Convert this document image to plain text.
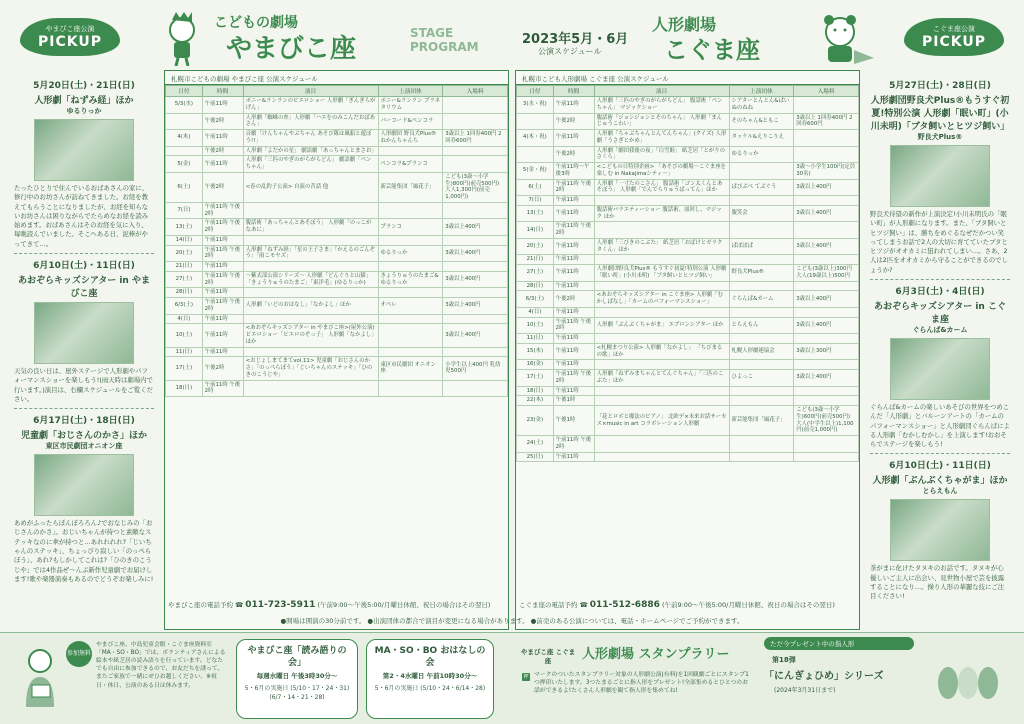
やまびこ座公演
PICKUP
こぐま座公演
PICKUP
こどもの劇場
やまびこ座
STAGE PROGRAM
2023年5月・6月
公演スケジュール
人形劇場
こぐま座
5月20日(土)・21日(日)
人形劇「ねずみ経」ほか
ゆるりっか

たったひとりで住んでいるおばあさんの家に、修行中のお坊さんが訪ねてきました。お経を教えてもらうことになりましたが、お経を知らないお坊さんは困りながらでたらめなお経を読み始めます。おばあさんはそのお経を気に入り、毎晩読んでいました。そこへある日、泥棒がやってきて…。

6月10日(土)・11日(日)
あおぞらキッズシアター in やまびこ座

天気の良い日は、屋外ステージで人形劇やパフォーマンスショーを楽しもう!(雨天時は劇場内で行います。)演目は、右欄スケジュールをご覧ください。

6月17日(土)・18日(日)
児童劇「おじさんのかさ」ほか
東区市民劇団オニオン座

あめがふったらぽんぽろろん♪でおなじみの「おじさんのかさ」。おじいちゃんが持つと素敵なステッキなのに傘が持つと…あれれれれ?「じいちゃんのステッキ」、ちょっぴり寂しい「のっぺらぼう」、あれ?もしかしてこれは?「ひのきのこうじや」では4作品ぜ〜んぶ新作児童劇でお届けします!歌や楽器演奏もあるのでどうぞお楽しみに!

5月27日(土)・28日(日)
人形劇団野良犬Plus®もうすぐ初夏!特別公演 人形劇「眠い町」(小川未明)「ブタ飼いとヒツジ飼い」
野良犬Plus®

野良犬待望の新作が上演決定!小川未明氏の「眠い町」が人形劇になります。また、「ブタ飼いとヒツジ飼い」は、勝ちをめぐるなぜだかつい笑ってしまうお話で2人の大切に育てていたブタとヒツジがオオカミに狙われてしまい…。さあ、2人は2匹をオオカミから守ることができるのでしょうか?

6月3日(土)・4日(日)
あおぞらキッズシアター in こぐま座
ぐらんぱ&カーム

ぐらんぱ&カームの楽しいあそびの世界をつめこんだ「人形劇」とバルーンアートの「カームのパフォーマンスショー」と人形劇団ぐらんぱによる人形劇「むかしむかし」を上演します!おおそらでステージを楽しもう!

6月10日(土)・11日(日)
人形劇「ぶんぶくちゃがま」ほか
とらえもん

茶がまに化けたタヌキのお話です。タヌキが心優しいご主人に出会い、見世物小屋で芸を披露することになり…。操り人形の華麗な技にご注目ください!

札幌市こどもの劇場 やまびこ座 公演スケジュール
日付	時間	演目	上演団体	入場料
5/3(水)	午前11時	ポニー&ランランのピエロショー 人形劇「ぎんぎらがげん」	ポニー&ランラン プラネタリウム	
	午後2時	人形劇「蜘蛛の糸」人形劇「ハエをのみこんだおばあさん」	パーコード&ペンコラ	
4(木)	午前11時	音劇「けんちゃんやぶちゃん あそび隊は風船と遊ぼう!!」	人形劇団 野良犬Plus® ねかんちゃんち	3歳以上 1回券400円 2回券600円
	午後2時	人形劇「よだかの星」 劇語劇「あっちゃんとまさお」		
5(金)	午前11時	人形劇「三匹のやぎのがらがらどん」 劇語劇「ペンちゃん」	ペンコラ&プランコ	
6(土)	午後2時	<春の乱釣子公演> 自演の昔話 他	新芸能集団「風花子」	こども(3歳〜小学生)800円(前売500円) 大人1,300円(前売1,000円)
7(日)	午前11時 午後2時			
13(土)	午前11時 午後2時	腹話術「あっちゃんとあそぼう」 人形劇「のっこがなあに」	プランコ	3歳以上400円
14(日)	午前11時			
20(土)	午前11時 午後2時	人形劇「ねずみ経」「星の王子さま」「かえるのごんぞう」「雨こモヤズ」	ゆるりっか	3歳以上400円
21(日)	午前11時			
27(土)	午前11時 午後2時	〜紫式部公演シリーズ〜 人形劇「どんぐりと山猫」「きょうりゅうのたまご」「東洋毛」(ゆるりっか)	きょうりゅうのたまご&ゆるりっか	3歳以上400円
28(日)	午前11時			
6/3(土)	午前11時 午後2時	人形劇「いどのおはなし」「なかよし」ほか	オペレ	3歳以上400円
4(日)	午前11時			
10(土)	午前11時	<あおぞらキッズシアター in やまびこ座>(屋外公演) ピエロショー「ピエロのぞっ子」 人形劇「なかよし」ほか		3歳以上400円
11(日)	午前11時			
17(土)	午後2時	<おじょしまてまてvol.11> 児童劇「おじさんのかさ」「のっぺらぼう」「じいちゃんのステッキ」「ひのきのこうじや」	東区市民劇団 オニオン座	小学生以上400円 乳幼児500円
18(日)	午前11時 午後2時			
やまびこ座の電話予約 ☎ 011-723-5911 (午前9:00〜午後5:00/月曜日休館、祝日の場合はその翌日)
札幌市こども人形劇場 こぐま座 公演スケジュール
日付	時間	演目	上演団体	入場料
3(水・祝)	午前11時	人形劇「三匹のやぎのがらがらどん」 腹話術「ペンちゃん」 マジックショー	シアターとんとん&ぱいぬのねね	
	午後2時	腹話術「ジョンジョンとそのちゃん」 人形劇「まんじゅうこわい」	そのちゃん&ともこ	3歳以上 1回券400円 2回券600円
4(木・祝)	午前11時	人形劇「ちゃぶちゃんとんてんちゃん」(クイズ) 人形劇「うさぎとかめ」	タッケル&えりこりえ	
	午後2時	人形劇「劇団我後の夜」「白雪姫」 紙芝居「とがりのさくら」	ゆるりっか	
5(金・祝)	午前11時〜午後3時	<こどもの日特別企画> 「あそびの劇場〜こぐま座を楽しむ in Nakajimaシティ〜」		3歳〜小学生100円(定員30名)
6(土)	午前11時 午後2時	人形劇「一寸たのこさん」 腹話術「ゴン太くんとあそぼう」 人形劇「でんでらりゅうばってん」ほか	ぱぴぷぺ てぷぐう	3歳以上400円
7(日)	午前11時			
13(土)	午前11時	腹話術バラエティーショー 腹話術、皿回し、マジック ほか	腹笑会	3歳以上400円
14(日)	午前11時 午後2時			
20(土)	午前11時	人形劇「三びきのこぶた」 紙芝居「おばけとガラクタくん」ほか	ぱぽぽぱ	3歳以上400円
21(日)	午前11時			
27(土)	午前11時	人形劇団野良犬Plus® もうすぐ初夏!特別公演 人形劇「眠い町」(小川未明) 「ブタ飼いとヒツジ飼い」	野良犬Plus®	こども(3歳以上)300円 大人(19歳以上)500円
28(日)	午前11時			
6/3(土)	午後2時	<あおぞらキッズシアター in こぐま座> 人形劇「むかしばなし」「カームのパフォーマンスショー」	ぐらんぱ&カーム	3歳以上400円
4(日)	午前11時			
10(土)	午前11時 午後2時	人形劇「ぶんぶくちゃがま」 エプロンシアター ほか	とらえもん	3歳以上400円
11(日)	午前11時			
15(木)	午前11時	<札幌まつり公演> 人形劇「なかよし」 「ちびまるの歌」ほか	札幌人形劇連協会	3歳以上300円
16(金)	午前11時			
17(土)	午前11時 午後2時	人形劇「ねずみまちゃんとてんぐちゃん」「三匹のこぶた」ほか	ひよっこ	3歳以上400円
18(日)	午前11時			
22(木)	午後1時			
23(金)	午後1時	「花とロボと魔法のピアノ」 北欧デ×未来お話サーカス×music in art コラボレーション人形劇	新芸能集団「風花子」	こども(3歳〜小学生)600円(前売500円) 大人(中学生以上)1,100円(前売1,000円)
24(土)	午前11時 午後2時			
25(日)	午前11時			
こぐま座の電話予約 ☎ 011-512-6886 (午前9:00〜午後5:00/月曜日休館、祝日の場合はその翌日)
●開場は開演の30分前です。 ●出演団体の都合で演目が変更になる場合があります。 ●前売のある公演については、電話・ホームページでご予約ができます。
参加無料
やまびこ座、中島児童会館・こぐま座資料室「MA・SO・BO」では、ボランティアさんによる絵本や紙芝居の読み語りを行っています。どなたでも自由に参加できるので、お友だちを誘って、またご家族で一緒にぜひお越しください。※祝日・休日、公演のある日は休みます。
やまびこ座「読み語りの会」
毎週水曜日 午後3時30分〜
5・6月の実施日 (5/10・17・24・31)(6/7・14・21・28)
MA・SO・BO おはなしの会
第2・4水曜日 午前10時30分〜
5・6月の実施日 (5/10・24・6/14・28)
やまびこ座 こぐま座	人形劇場 スタンプラリー
押 マークのついたスタンプラリー対象の人形劇公演(有料)を1回観劇ごとにスタンプ1つ押印いたします。3つたまるごとに指人形をプレゼント!全部集めるとひとつのお話ができるよ!たくさん人形劇を観て指人形を集めてね!
ただ今プレゼント中の指人形
第18弾
「にんぎょひめ」シリーズ
(2024年3月31日まで)
